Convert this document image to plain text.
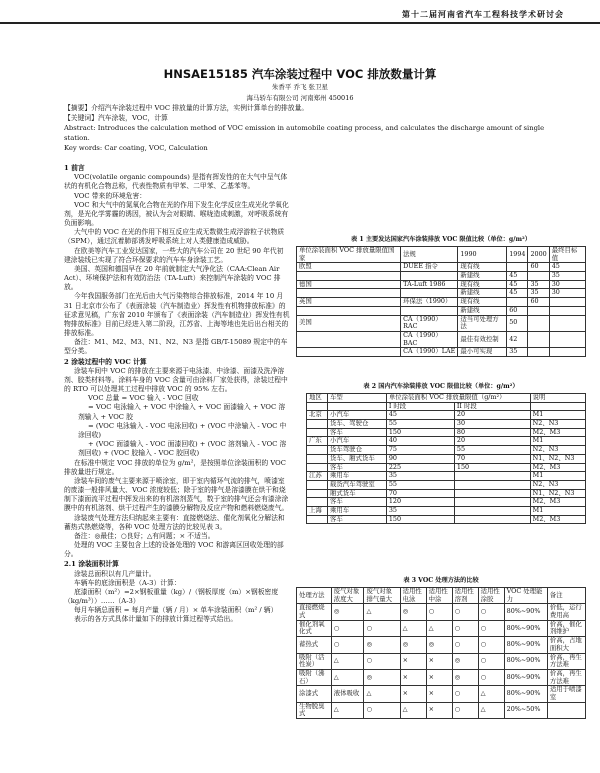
第十二届河南省汽车工程科技学术研讨会
HNSAE15185 汽车涂装过程中 VOC 排放数量计算
朱香平 乔飞 张卫星
海马轿车有限公司 河南郑州 450016

【摘要】介绍汽车涂装过程中 VOC 排放量的计算方法，实例计算单台的排放量。

【关键词】汽车涂装，VOC，计算

Abstract: Introduces the calculation method of VOC emission in automobile coating process, and calculates the discharge amount of single station.

Key words: Car coating, VOC, Calculation

1 前言

VOC(volatile organic compounds) 是指有挥发性的在大气中呈气体状的有机化合物总称，代表性物质有甲苯、二甲苯、乙基苯等。

VOC 带来的环境危害：

VOC 和大气中的氮氧化合物在光的作用下发生化学反应生成光化学氧化剂，是光化学雾霾的诱因，被认为会对眼睛、喉咙造成刺激，对呼吸系统有负面影响。

大气中的 VOC 在光的作用下相互反应生成无数微生成浮游粒子状物质（SPM），通过沉着肺部诱发呼吸系统上对人类健康造成威胁。

在欧美等汽车工业发达国家，一些大的汽车公司在 20 世纪 90 年代初建涂装线已实现了符合环保要求的汽车车身涂装工艺。

美国、英国和德国早在 20 年前就制定大气净化法（CAA:Clean Air Act）、环境保护法和有效防治法（TA-Luft）来控制汽车涂装的 VOC 排放。

今年我国服务部门在光后由大气污染物综合排放标准，2014 年 10 月 31 日北京市公布了《表面涂装（汽车制造业）挥发性有机物排放标准》的征求意见稿，广东省 2010 年颁布了《表面涂装（汽车制造业）挥发性有机物排放标准》目前已经进入第二阶段，江苏省、上海等地也先后出台相关的排放标准。

备注：M1、M2、M3、N1、N2、N3 是指 GB/T-15089 规定中的车型分类。

2 涂装过程中的 VOC 计算

涂装车间中 VOC 的排放在主要来源于电泳漆、中涂漆、面漆及洗净溶剂、胶类材料等。涂料车身的 VOC 含量可由涂料厂家处获得，涂装过程中的 RTO 可以处理其工过程中排放 VOC 的 95% 左右。

VOC 总量 = VOC 输入 - VOC 回收

= VOC 电泳输入 + VOC 中涂输入 + VOC 面漆输入 + VOC 溶剂输入 + VOC 胶

= (VOC 电泳输入 - VOC 电泳回收) + (VOC 中涂输入 - VOC 中涂回收)

+ (VOC 面漆输入 - VOC 面漆回收) + (VOC 溶剂输入 - VOC 溶剂回收) + (VOC 胶输入 - VOC 胶回收)

在标准中规定 VOC 排放的单位为 g/m²，是按照单位涂装面积的 VOC 排放量进行规定。

涂装车间的废气主要来源于喷涂室，即于室内循环气流的排气，喷漆室的废漆一般排风量大、VOC 浓度较低；除于室的排气是溶漆膜在烘干和烧制下漆面流平过程中挥发出来的有机溶剂蒸气，数于室的排气还会有漆涂涂膜中的有机溶剂、烘干过程产生的漆膜分解物及反应产物和燃料燃烧废气。

涂装废气处理方法归纳起来主要有：直接燃烧法、催化剂氧化分解法和蓄热式热燃烧等，各种 VOC 处理方法的比较见表 3。

备注：◎最佳；○良好；△有问题；× 不适当。

处理的 VOC 主要包含上述的设备处理的 VOC 和游离区回收处理的部分。

2.1 涂装面积计算

涂装总面积以有几产量计。

车辆车的底涂面积是（A-3）计算：

底漆面积（m²）=2×钢板重量（kg）/（钢板厚度（m）×钢板密度（kg/m³））……（A-3）

每月车辆总面积 = 每月产量（辆 / 月）× 单车涂装面积（m² / 辆）

表示的各方式具体计量如下的排放计算过程等式给出。

表 1 主要发达国家汽车涂装排放 VOC 限值比较（单位：g/m²）
单位涂装面积 VOC 排放量限值国家	法规	1990	1994	2000	最终目标值
欧盟	DUEE 指令	现有线		60	45
		新建线	45		35
德国	TA-Luft 1986	现有线	45	35	30
		新建线	45	35	30
英国	环保法（1990）	现有线		60	
		新建线	60		
美国	CA（1990）RAC	适当可处理方法	50		
	CA（1990）BAC	最佳有效控制	42		
	CA（1990）LAE	最小可实现	35		
表 2 国内汽车涂装排放 VOC 限值比较（单位：g/m²）
地区	车型	单位涂装面积 VOC 排放量限值（g/m²）		说明
		I 时段	II 时段	
北京	小汽车	45	20	M1
	货车、驾驶仓	55	30	N2、N3
	客车	150	80	M2、M3
广东	小汽车	40	20	M1
	货车驾驶仓	75	55	N2、N3
	货车、厢式货车	90	70	N1、N2、N3
	客车	225	150	M2、M3
江苏	乘用车	35		M1
	载货汽车驾驶室	55		N2、N3
	厢式货车	70		N1、N2、N3
	客车	120		M2、M3
上海	乘用车	35		M1
	客车	150		M2、M3
表 3 VOC 处理方法的比较
处理方法	废气对象 浓度大	废气对象 排气量大	适用性 电泳	适用性 中涂	适用性 溶剂	适用性 涂胶	VOC 处理能力	备注
直接燃烧式	◎	△	◎	○	○	○	80%~90%	价低，运行费用高
催化剂氧化式	○	○	△	△	○	○	80%~90%	价高，催化剂维护
蓄热式	○	◎	◎	◎	○	○	80%~90%	价高，占地面积大
吸附（活性炭）	△	○	×	×	◎	○	80%~90%	价高，再生方法难
吸附（沸石）	△	◎	×	×	◎	○	80%~90%	价高，再生方法难
涂漆式	液体吸收	△	×	×	○	△	80%~90%	适用于喷漆室
生物脱臭式	△	○	△	×	○	△	20%~50%	
